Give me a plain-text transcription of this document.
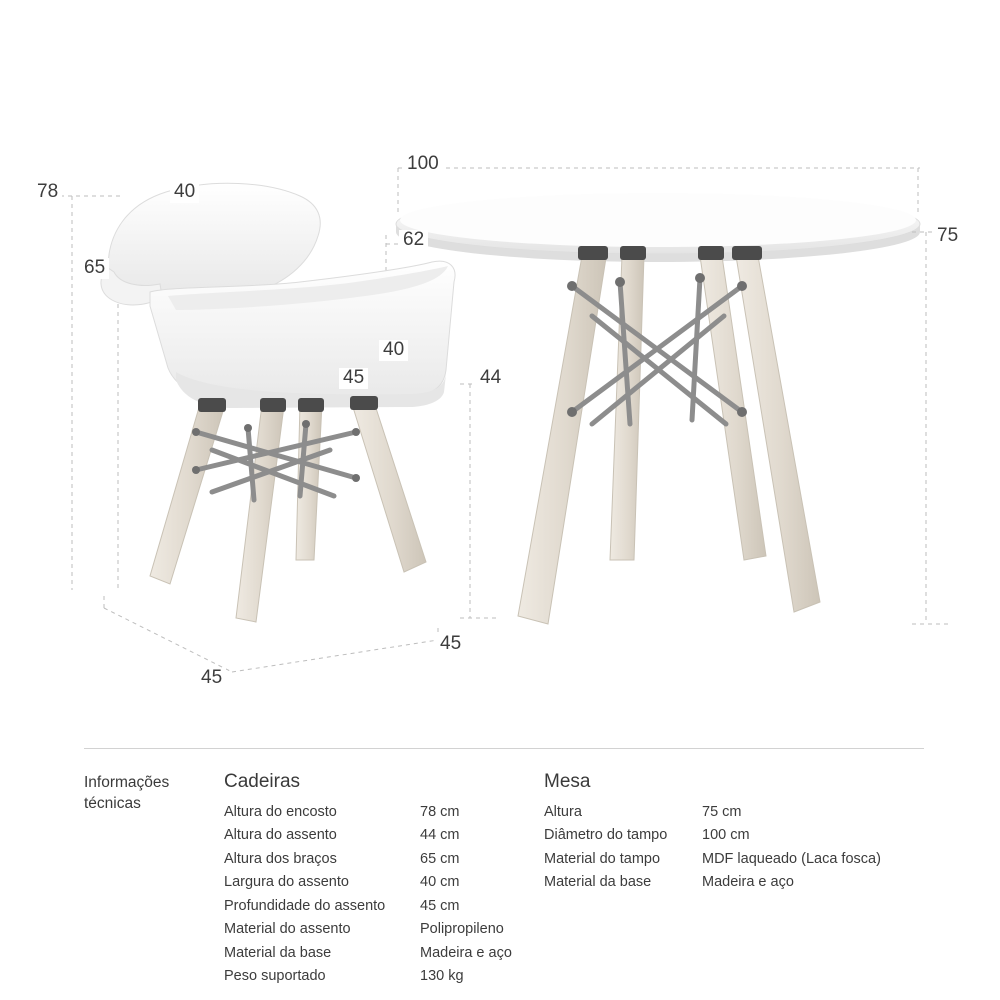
78	40
65
62
40
45	44
45
45
100
75
Informações
técnicas
Cadeiras
Altura do encosto	78 cm
Altura do assento	44 cm
Altura dos braços	65 cm
Largura do assento	40 cm
Profundidade do assento	45 cm
Material do assento	Polipropileno
Material da base	Madeira e aço
Peso suportado	130 kg
Mesa
Altura	75 cm
Diâmetro do tampo	100 cm
Material do tampo	MDF laqueado (Laca fosca)
Material da base	Madeira e aço
